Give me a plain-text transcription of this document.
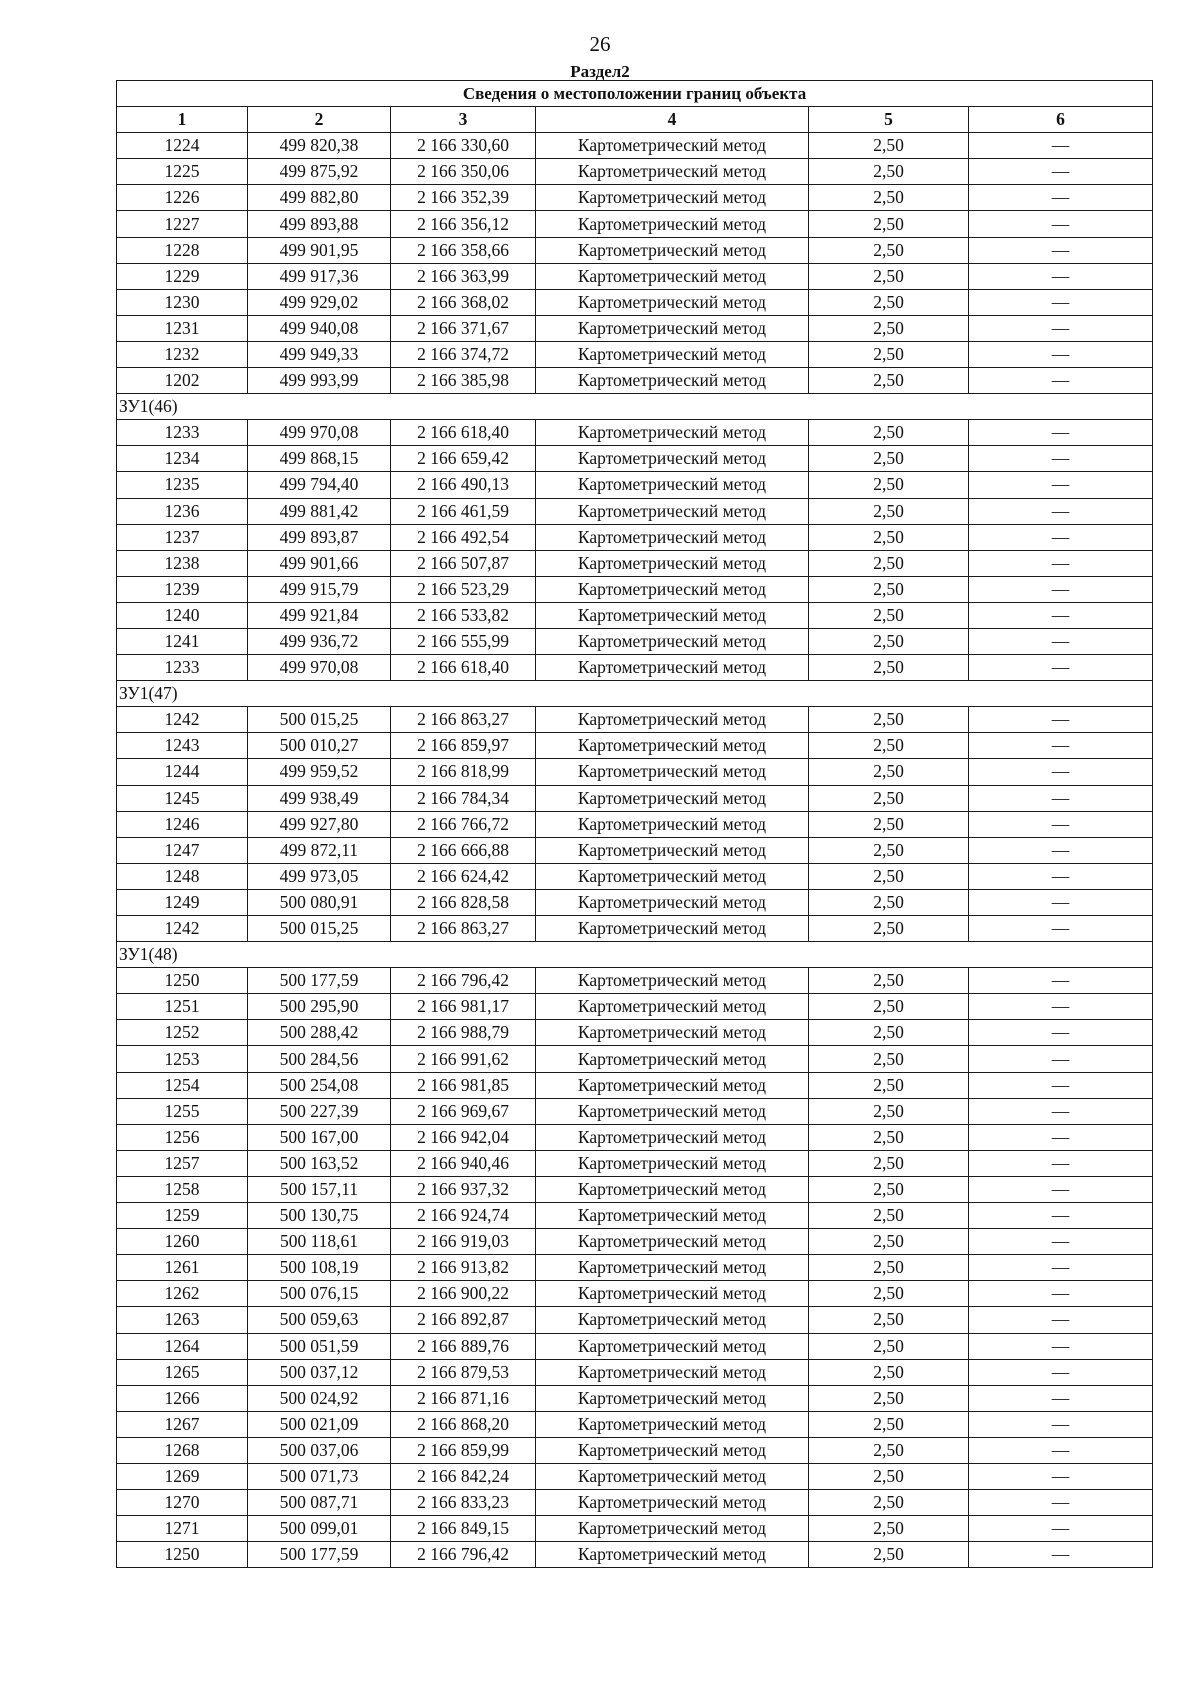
26
Раздел2
Сведения о местоположении границ объекта					
1	2	3	4	5	6
1224	499 820,38	2 166 330,60	Картометрический метод	2,50	—
1225	499 875,92	2 166 350,06	Картометрический метод	2,50	—
1226	499 882,80	2 166 352,39	Картометрический метод	2,50	—
1227	499 893,88	2 166 356,12	Картометрический метод	2,50	—
1228	499 901,95	2 166 358,66	Картометрический метод	2,50	—
1229	499 917,36	2 166 363,99	Картометрический метод	2,50	—
1230	499 929,02	2 166 368,02	Картометрический метод	2,50	—
1231	499 940,08	2 166 371,67	Картометрический метод	2,50	—
1232	499 949,33	2 166 374,72	Картометрический метод	2,50	—
1202	499 993,99	2 166 385,98	Картометрический метод	2,50	—
ЗУ1(46)					
1233	499 970,08	2 166 618,40	Картометрический метод	2,50	—
1234	499 868,15	2 166 659,42	Картометрический метод	2,50	—
1235	499 794,40	2 166 490,13	Картометрический метод	2,50	—
1236	499 881,42	2 166 461,59	Картометрический метод	2,50	—
1237	499 893,87	2 166 492,54	Картометрический метод	2,50	—
1238	499 901,66	2 166 507,87	Картометрический метод	2,50	—
1239	499 915,79	2 166 523,29	Картометрический метод	2,50	—
1240	499 921,84	2 166 533,82	Картометрический метод	2,50	—
1241	499 936,72	2 166 555,99	Картометрический метод	2,50	—
1233	499 970,08	2 166 618,40	Картометрический метод	2,50	—
ЗУ1(47)					
1242	500 015,25	2 166 863,27	Картометрический метод	2,50	—
1243	500 010,27	2 166 859,97	Картометрический метод	2,50	—
1244	499 959,52	2 166 818,99	Картометрический метод	2,50	—
1245	499 938,49	2 166 784,34	Картометрический метод	2,50	—
1246	499 927,80	2 166 766,72	Картометрический метод	2,50	—
1247	499 872,11	2 166 666,88	Картометрический метод	2,50	—
1248	499 973,05	2 166 624,42	Картометрический метод	2,50	—
1249	500 080,91	2 166 828,58	Картометрический метод	2,50	—
1242	500 015,25	2 166 863,27	Картометрический метод	2,50	—
ЗУ1(48)					
1250	500 177,59	2 166 796,42	Картометрический метод	2,50	—
1251	500 295,90	2 166 981,17	Картометрический метод	2,50	—
1252	500 288,42	2 166 988,79	Картометрический метод	2,50	—
1253	500 284,56	2 166 991,62	Картометрический метод	2,50	—
1254	500 254,08	2 166 981,85	Картометрический метод	2,50	—
1255	500 227,39	2 166 969,67	Картометрический метод	2,50	—
1256	500 167,00	2 166 942,04	Картометрический метод	2,50	—
1257	500 163,52	2 166 940,46	Картометрический метод	2,50	—
1258	500 157,11	2 166 937,32	Картометрический метод	2,50	—
1259	500 130,75	2 166 924,74	Картометрический метод	2,50	—
1260	500 118,61	2 166 919,03	Картометрический метод	2,50	—
1261	500 108,19	2 166 913,82	Картометрический метод	2,50	—
1262	500 076,15	2 166 900,22	Картометрический метод	2,50	—
1263	500 059,63	2 166 892,87	Картометрический метод	2,50	—
1264	500 051,59	2 166 889,76	Картометрический метод	2,50	—
1265	500 037,12	2 166 879,53	Картометрический метод	2,50	—
1266	500 024,92	2 166 871,16	Картометрический метод	2,50	—
1267	500 021,09	2 166 868,20	Картометрический метод	2,50	—
1268	500 037,06	2 166 859,99	Картометрический метод	2,50	—
1269	500 071,73	2 166 842,24	Картометрический метод	2,50	—
1270	500 087,71	2 166 833,23	Картометрический метод	2,50	—
1271	500 099,01	2 166 849,15	Картометрический метод	2,50	—
1250	500 177,59	2 166 796,42	Картометрический метод	2,50	—
